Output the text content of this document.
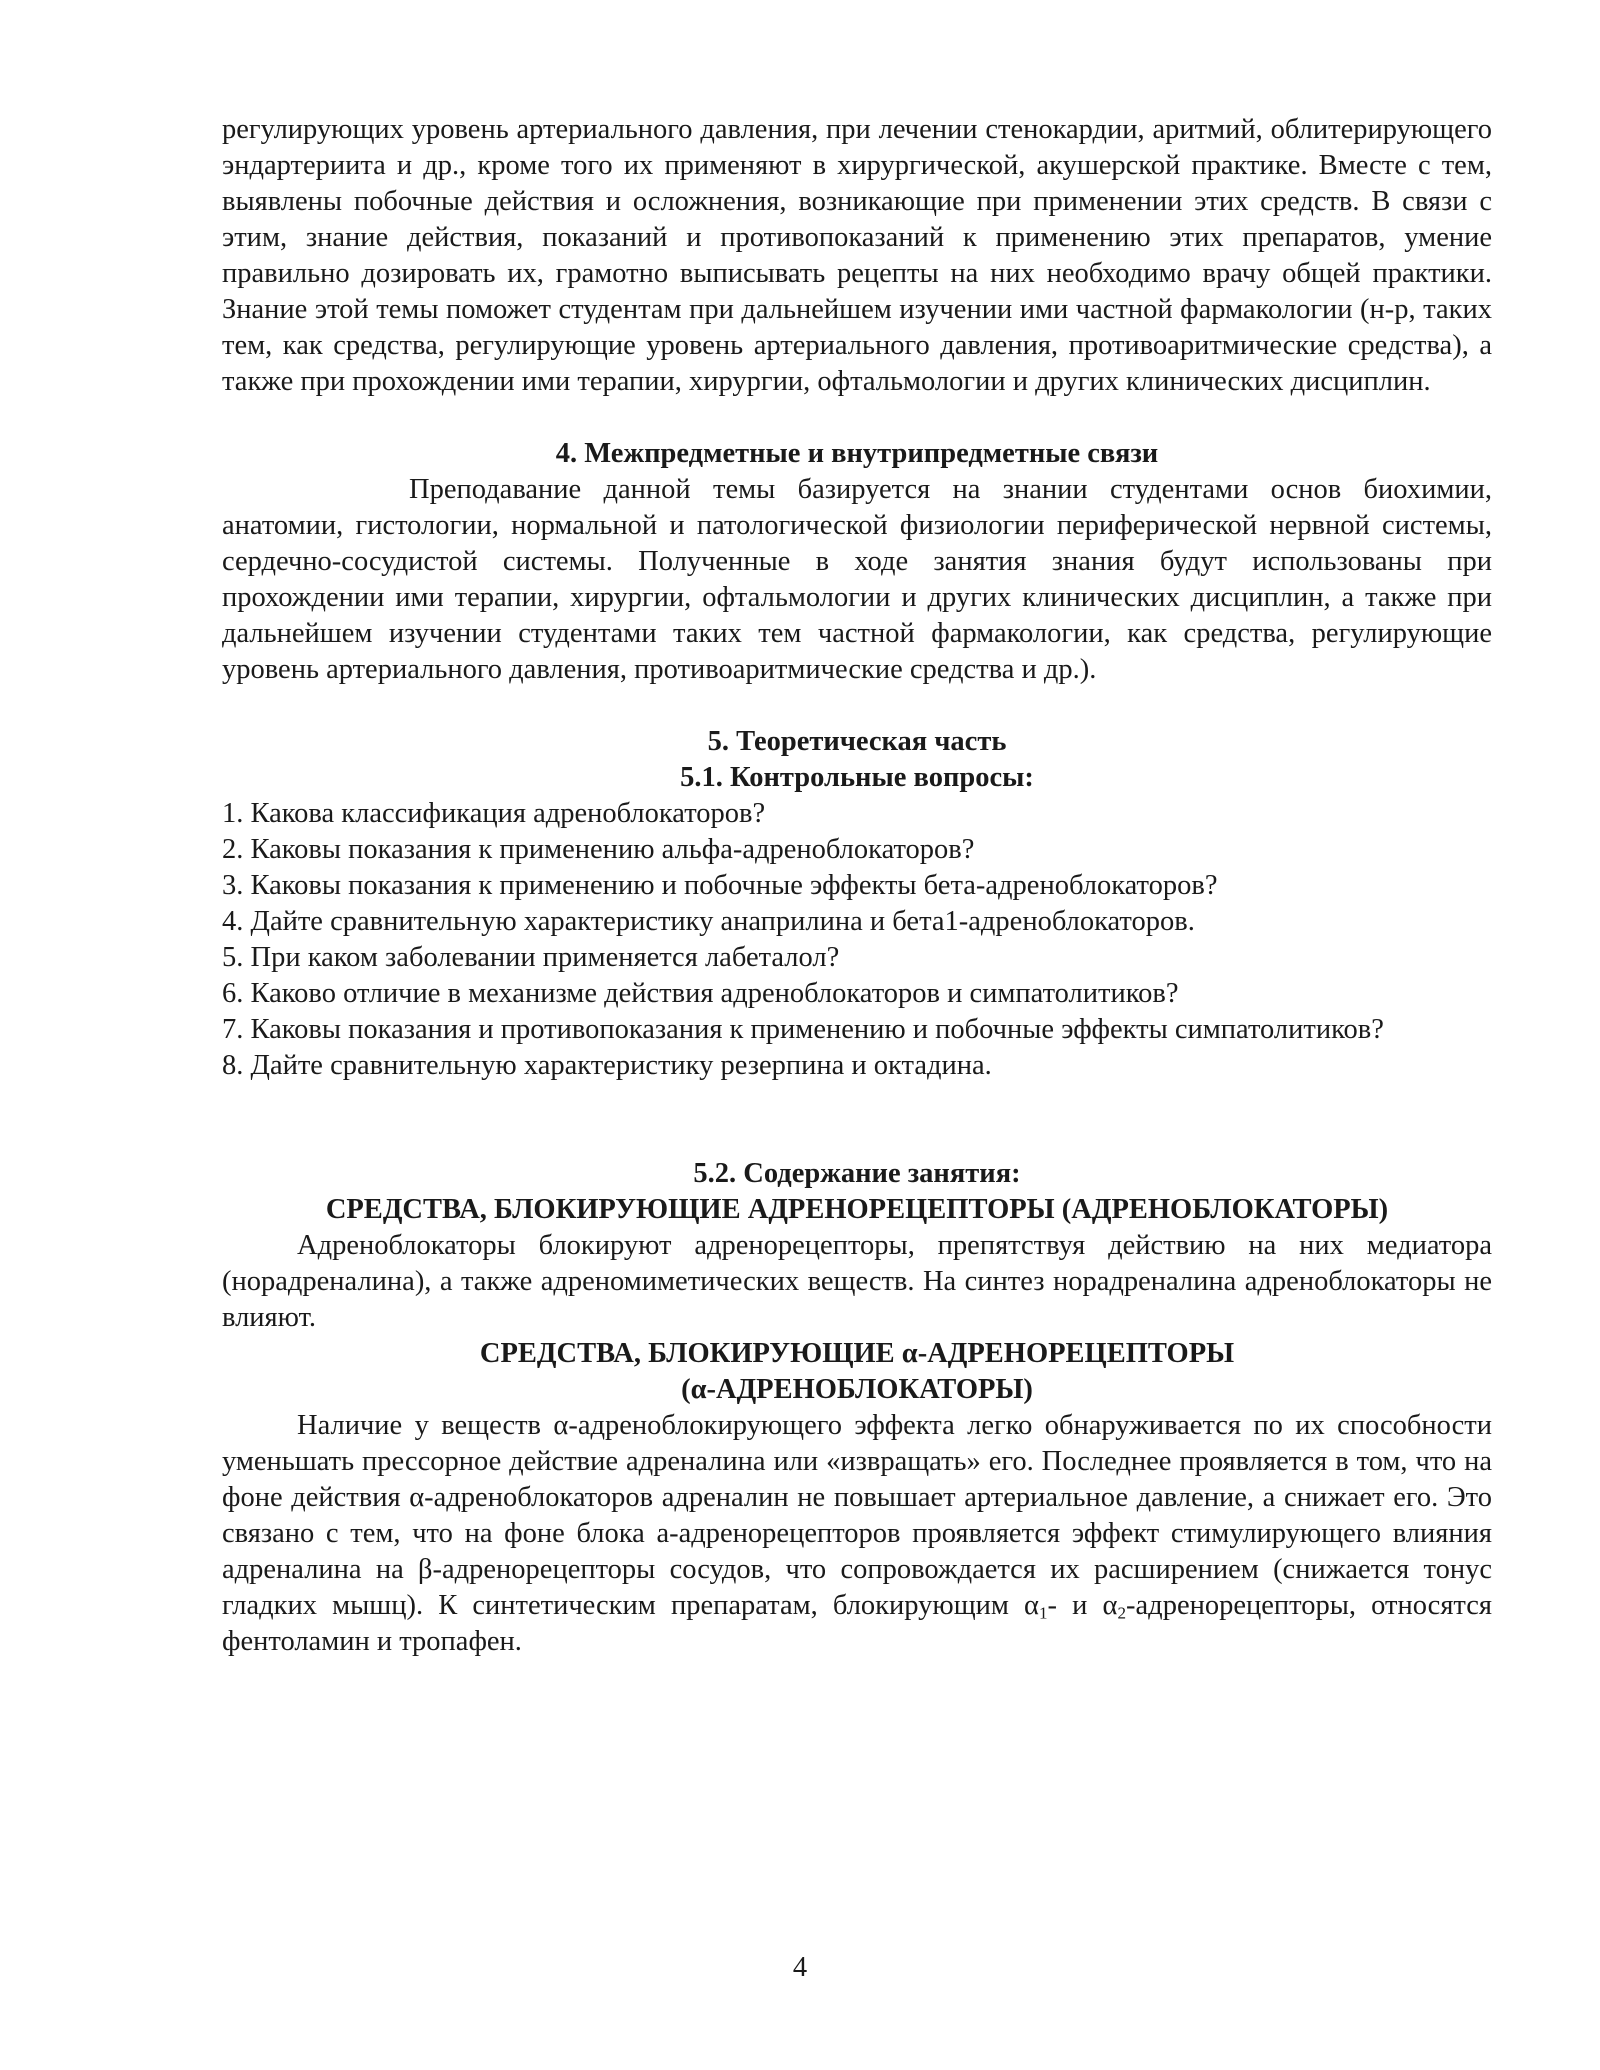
регулирующих уровень артериального давления, при лечении стенокардии, аритмий, облитерирующего эндартериита и др., кроме того их применяют в хирургической, акушерской практике. Вместе с тем, выявлены побочные действия и осложнения, возникающие при применении этих средств. В связи с этим, знание действия, показаний и противопоказаний к применению этих препаратов, умение правильно дозировать их, грамотно выписывать рецепты на них необходимо врачу общей практики. Знание этой темы поможет студентам при дальнейшем изучении ими частной фармакологии (н-р, таких тем, как средства, регулирующие уровень артериального давления, противоаритмические средства), а также при прохождении ими терапии, хирургии, офтальмологии и других клинических дисциплин.

4. Межпредметные и внутрипредметные связи

Преподавание данной темы базируется на знании студентами основ биохимии, анатомии, гистологии, нормальной и патологической физиологии периферической нервной системы, сердечно-сосудистой системы. Полученные в ходе занятия знания будут использованы при прохождении ими терапии, хирургии, офтальмологии и других клинических дисциплин, а также при дальнейшем изучении студентами таких тем частной фармакологии, как средства, регулирующие уровень артериального давления, противоаритмические средства и др.).

5. Теоретическая часть

5.1. Контрольные вопросы:

1. Какова классификация адреноблокаторов?

2. Каковы показания к применению альфа-адреноблокаторов?

3. Каковы показания к применению и побочные эффекты бета-адреноблокаторов?

4. Дайте сравнительную характеристику анаприлина и бета1-адреноблокаторов.

5. При каком заболевании применяется лабеталол?

6. Каково отличие в механизме действия адреноблокаторов и симпатолитиков?

7. Каковы показания и противопоказания к применению и побочные эффекты симпатолитиков?

8. Дайте сравнительную характеристику резерпина и октадина.

5.2. Содержание занятия:

СРЕДСТВА, БЛОКИРУЮЩИЕ АДРЕНОРЕЦЕПТОРЫ (АДРЕНОБЛОКАТОРЫ)

Адреноблокаторы блокируют адренорецепторы, препятствуя действию на них медиатора (норадреналина), а также адреномиметических веществ. На синтез норадреналина адреноблокаторы не влияют.

СРЕДСТВА, БЛОКИРУЮЩИЕ α-АДРЕНОРЕЦЕПТОРЫ

(α-АДРЕНОБЛОКАТОРЫ)

Наличие у веществ α-адреноблокирующего эффекта легко обнаруживается по их способности уменьшать прессорное действие адреналина или «извращать» его. Последнее проявляется в том, что на фоне действия α-адреноблокаторов адреналин не повышает артериальное давление, а снижает его. Это связано с тем, что на фоне блока а-адренорецепторов проявляется эффект стимулирующего влияния адреналина на β-адренорецепторы сосудов, что сопровождается их расширением (снижается тонус гладких мышц). К синтетическим препаратам, блокирующим $\alpha_1-$ и $\alpha_2$-адренорецепторы, относятся фентоламин и тропафен.

4
